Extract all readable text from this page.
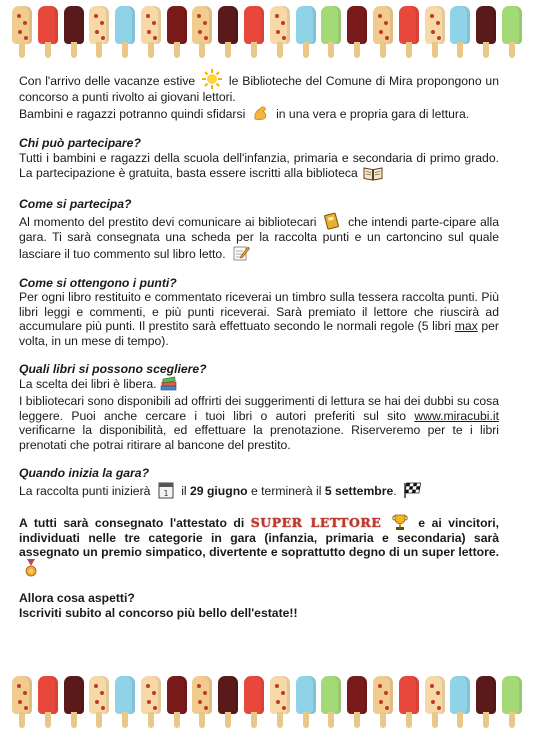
Con l'arrivo delle vacanze estive	le Biblioteche del Comune di Mira propongono un concorso a punti rivolto ai giovani lettori.

Bambini e ragazzi potranno quindi sfidarsi	in una vera e propria gara di lettura.

Chi può partecipare?

Tutti i bambini e ragazzi della scuola dell'infanzia, primaria e secondaria di primo grado. La partecipazione è gratuita, basta essere iscritti alla biblioteca

Come si partecipa?

Al momento del prestito devi comunicare ai bibliotecari	che intendi parte-cipare alla gara. Ti sarà consegnata una scheda per la raccolta punti e un cartoncino sul quale lasciare il tuo commento sul libro letto.

Come si ottengono i punti?

Per ogni libro restituito e commentato riceverai un timbro sulla tessera raccolta punti. Più libri leggi e commenti, e più punti riceverai. Sarà premiato il lettore che riuscirà ad accumulare più punti. Il prestito sarà effettuato secondo le normali regole (5 libri max per volta, in un mese di tempo).

Quali libri si possono scegliere?

La scelta dei libri è libera.

I bibliotecari sono disponibili ad offrirti dei suggerimenti di lettura se hai dei dubbi su cosa leggere. Puoi anche cercare i tuoi libri o autori preferiti sul sito www.miracubi.it verificarne la disponibilità, ed effettuare la prenotazione. Riserveremo per te i libri prenotati che potrai ritirare al bancone del prestito.

Quando inizia la gara?

La raccolta punti inizierà 1 il 29 giugno e terminerà il 5 settembre.

A tutti sarà consegnato l'attestato di SUPER LETTORE	e ai vincitori, individuati nelle tre categorie in gara (infanzia, primaria e secondaria) sarà assegnato un premio simpatico, divertente e soprattutto degno di un super lettore.

Allora cosa aspetti?

Iscriviti subito al concorso più bello dell'estate!!
